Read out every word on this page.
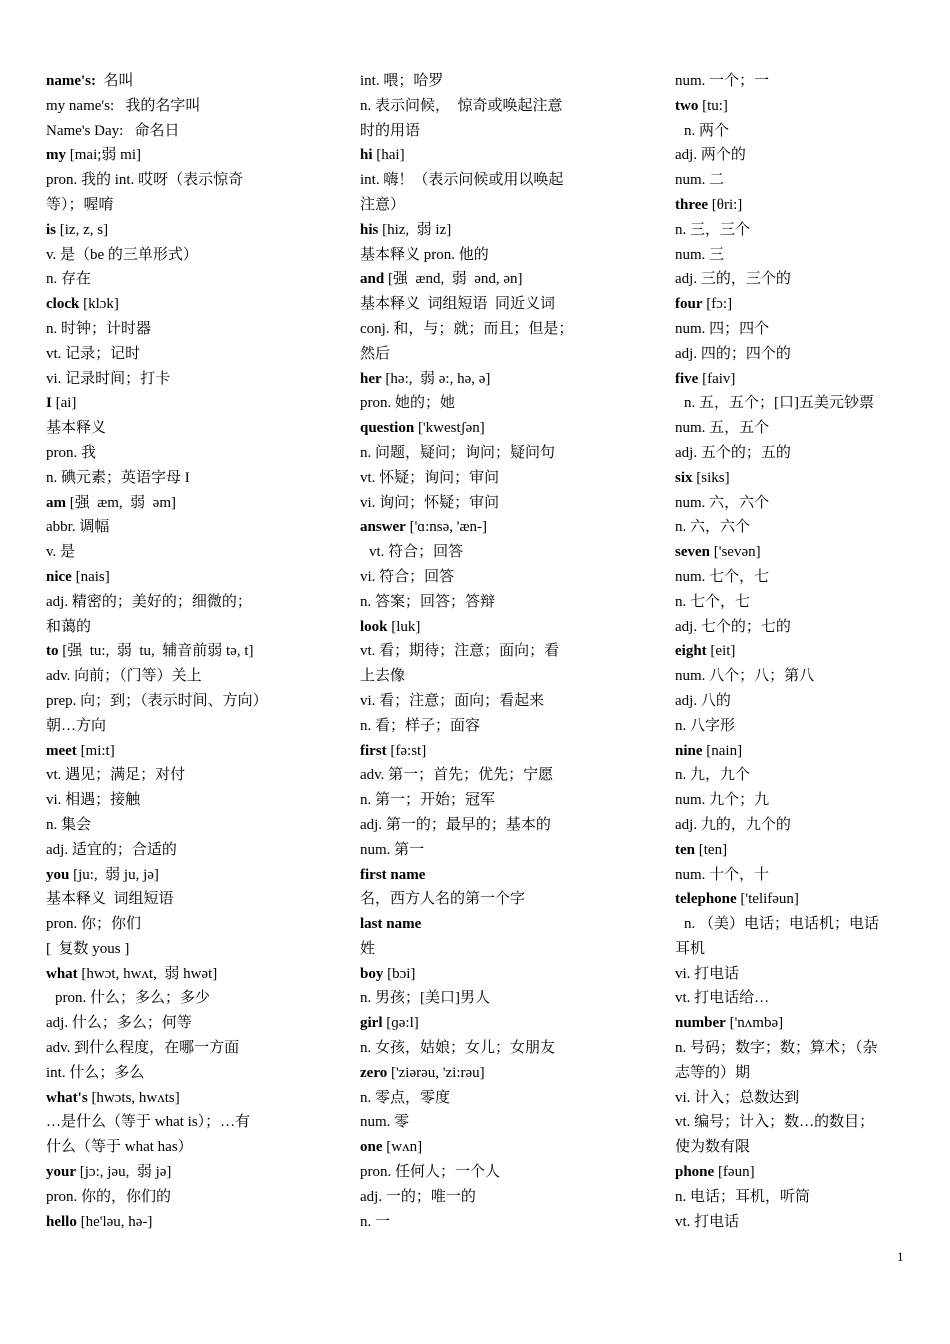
name's:  名叫
my name's:   我的名字叫
Name's Day:   命名日
my [mai;弱 mi]
pron. 我的 int. 哎呀（表示惊奇
等）；喔唷
is [iz, z, s]
v. 是（be 的三单形式）
n. 存在
clock [klɔk]
n. 时钟；计时器
vt. 记录；记时
vi. 记录时间；打卡
I [ai]
基本释义
pron. 我
n. 碘元素；英语字母 I
am [强  æm,  弱  əm]
abbr. 调幅
v. 是
nice [nais]
adj. 精密的；美好的；细微的；
和蔼的
to [强  tu:,  弱  tu,  辅音前弱 tə, t]
adv. 向前；（门等）关上
prep. 向；到；（表示时间、方向）
朝…方向
meet [mi:t]
vt. 遇见；满足；对付
vi. 相遇；接触
n. 集会
adj. 适宜的；合适的
you [ju:,  弱 ju, jə]
基本释义  词组短语
pron. 你；你们
[  复数 yous ]
what [hwɔt, hwʌt,  弱 hwət]
pron. 什么；多么；多少
adj. 什么；多么；何等
adv. 到什么程度，在哪一方面
int. 什么；多么
what's [hwɔts, hwʌts]
…是什么（等于 what is）；…有
什么（等于 what has）
your [jɔ:, jəu,  弱 jə]
pron. 你的，你们的
hello [he'ləu, hə-]
int. 喂；哈罗
n. 表示问候，  惊奇或唤起注意
时的用语
hi [hai]
int. 嗨！（表示问候或用以唤起
注意）
his [hiz,  弱 iz]
基本释义 pron. 他的
and [强  ænd,  弱  ənd, ən]
基本释义  词组短语  同近义词
conj. 和，与；就；而且；但是；
然后
her [hə:,  弱 ə:, hə, ə]
pron. 她的；她
question ['kwestʃən]
n. 问题，疑问；询问；疑问句
vt. 怀疑；询问；审问
vi. 询问；怀疑；审问
answer ['ɑ:nsə, 'æn-]
vt. 符合；回答
vi. 符合；回答
n. 答案；回答；答辩
look [luk]
vt. 看；期待；注意；面向；看
上去像
vi. 看；注意；面向；看起来
n. 看；样子；面容
first [fə:st]
adv. 第一；首先；优先；宁愿
n. 第一；开始；冠军
adj. 第一的；最早的；基本的
num. 第一
first name
名，西方人名的第一个字
last name
姓
boy [bɔi]
n. 男孩；[美口]男人
girl [ɡə:l]
n. 女孩，姑娘；女儿；女朋友
zero ['ziərəu, 'zi:rəu]
n. 零点，零度
num. 零
one [wʌn]
pron. 任何人；一个人
adj. 一的；唯一的
n. 一
num. 一个；一
two [tu:]
n. 两个
adj. 两个的
num. 二
three [θri:]
n. 三，三个
num. 三
adj. 三的，三个的
four [fɔ:]
num. 四；四个
adj. 四的；四个的
five [faiv]
n. 五，五个；[口]五美元钞票
num. 五，五个
adj. 五个的；五的
six [siks]
num. 六，六个
n. 六，六个
seven ['sevən]
num. 七个，七
n. 七个，七
adj. 七个的；七的
eight [eit]
num. 八个；八；第八
adj. 八的
n. 八字形
nine [nain]
n. 九，九个
num. 九个；九
adj. 九的，九个的
ten [ten]
num. 十个，十
telephone ['telifəun]
n. （美）电话；电话机；电话
耳机
vi. 打电话
vt. 打电话给…
number ['nʌmbə]
n. 号码；数字；数；算术；（杂
志等的）期
vi. 计入；总数达到
vt. 编号；计入；数…的数目；
使为数有限
phone [fəun]
n. 电话；耳机，听筒
vt. 打电话
1
